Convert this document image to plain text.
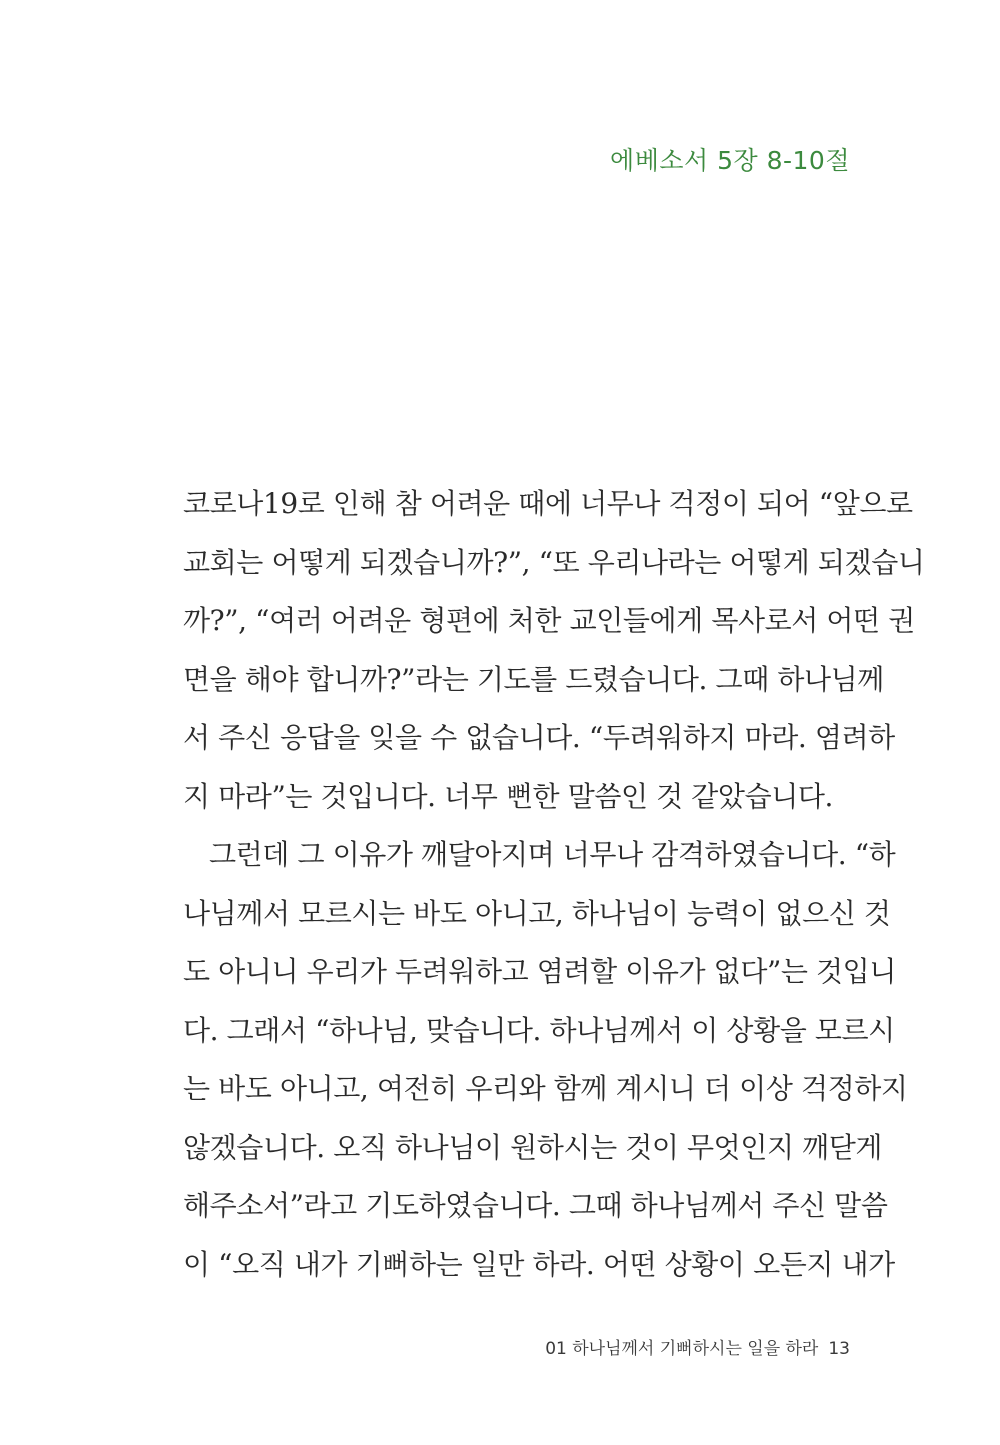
에베소서 5장 8-10절
코로나19로 인해 참 어려운 때에 너무나 걱정이 되어 “앞으로
교회는 어떻게 되겠습니까?”, “또 우리나라는 어떻게 되겠습니
까?”, “여러 어려운 형편에 처한 교인들에게 목사로서 어떤 권
면을 해야 합니까?”라는 기도를 드렸습니다. 그때 하나님께
서 주신 응답을 잊을 수 없습니다. “두려워하지 마라. 염려하
지 마라”는 것입니다. 너무 뻔한 말씀인 것 같았습니다.
그런데 그 이유가 깨달아지며 너무나 감격하였습니다. “하
나님께서 모르시는 바도 아니고, 하나님이 능력이 없으신 것
도 아니니 우리가 두려워하고 염려할 이유가 없다”는 것입니
다. 그래서 “하나님, 맞습니다. 하나님께서 이 상황을 모르시
는 바도 아니고, 여전히 우리와 함께 계시니 더 이상 걱정하지
않겠습니다. 오직 하나님이 원하시는 것이 무엇인지 깨닫게
해주소서”라고 기도하였습니다. 그때 하나님께서 주신 말씀
이 “오직 내가 기뻐하는 일만 하라. 어떤 상황이 오든지 내가
01 하나님께서 기뻐하시는 일을 하라 13
